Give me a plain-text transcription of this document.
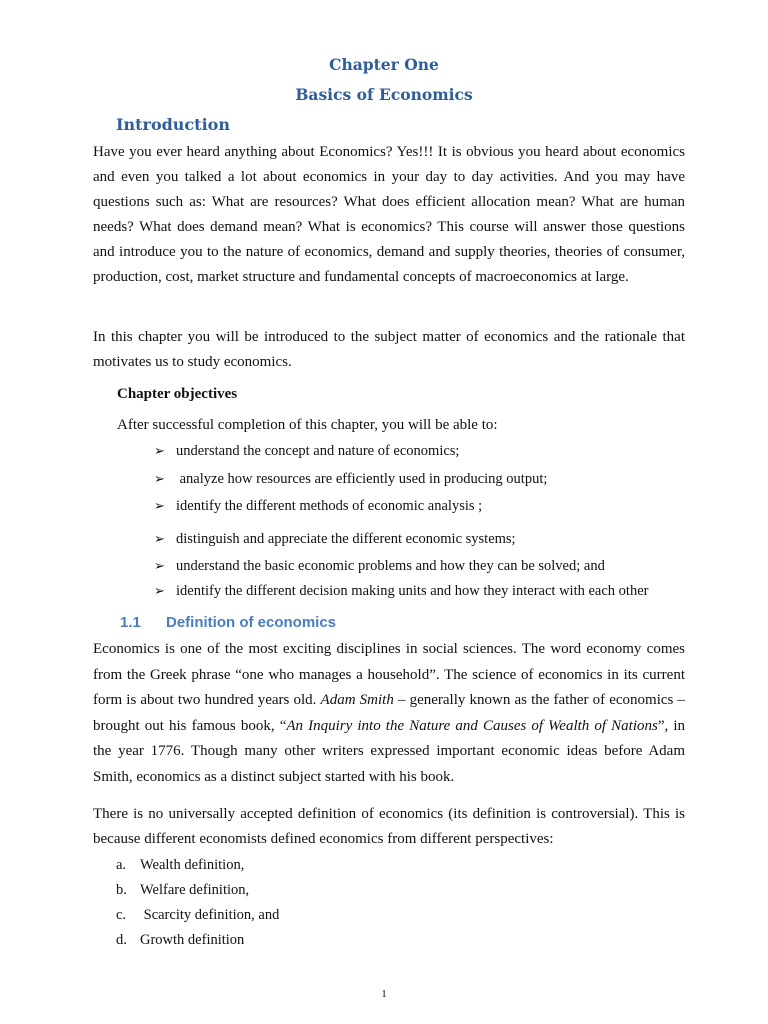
Chapter One
Basics of Economics
Introduction
Have you ever heard anything about Economics? Yes!!! It is obvious you heard about economics and even you talked a lot about economics in your day to day activities. And you may have questions such as: What are resources? What does efficient allocation mean? What are human needs? What does demand mean? What is economics? This course will answer those questions and introduce you to the nature of economics, demand and supply theories, theories of consumer, production, cost, market structure and fundamental concepts of macroeconomics at large.
In this chapter you will be introduced to the subject matter of economics and the rationale that motivates us to study economics.
Chapter objectives
After successful completion of this chapter, you will be able to:
➢ understand the concept and nature of economics;
➢ analyze how resources are efficiently used in producing output;
➢ identify the different methods of economic analysis ;
➢ distinguish and appreciate the different economic systems;
➢ understand the basic economic problems and how they can be solved; and
➢ identify the different decision making units and how they interact with each other
1.1 Definition of economics
Economics is one of the most exciting disciplines in social sciences. The word economy comes from the Greek phrase “one who manages a household”. The science of economics in its current form is about two hundred years old. Adam Smith – generally known as the father of economics – brought out his famous book, “An Inquiry into the Nature and Causes of Wealth of Nations”, in the year 1776. Though many other writers expressed important economic ideas before Adam Smith, economics as a distinct subject started with his book.
There is no universally accepted definition of economics (its definition is controversial). This is because different economists defined economics from different perspectives:
a. Wealth definition,
b. Welfare definition,
c. Scarcity definition, and
d. Growth definition
1
